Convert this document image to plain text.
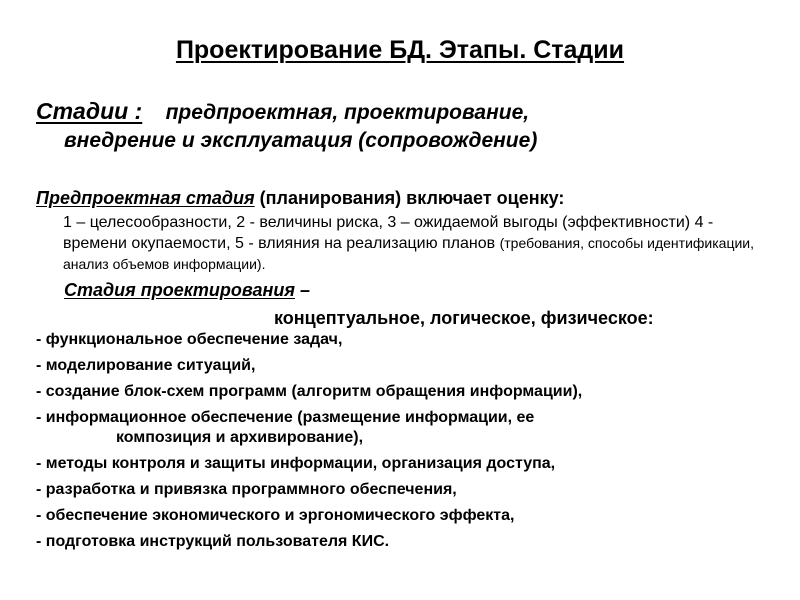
Проектирование БД. Этапы. Стадии
Стадии : предпроектная, проектирование,
внедрение и эксплуатация (сопровождение)
Предпроектная стадия (планирования) включает оценку:
1 – целесообразности, 2 - величины риска, 3 – ожидаемой выгоды (эффективности) 4 - времени окупаемости, 5 - влияния на реализацию планов (требования, способы идентификации, анализ объемов информации).
Стадия проектирования –
концептуальное, логическое, физическое:
- функциональное обеспечение задач,
- моделирование ситуаций,
- создание блок-схем программ (алгоритм обращения информации),
- информационное обеспечение (размещение информации, ее
композиция и архивирование),
- методы контроля и защиты информации, организация доступа,
- разработка и привязка программного обеспечения,
- обеспечение экономического и эргономического эффекта,
- подготовка инструкций пользователя КИС.
